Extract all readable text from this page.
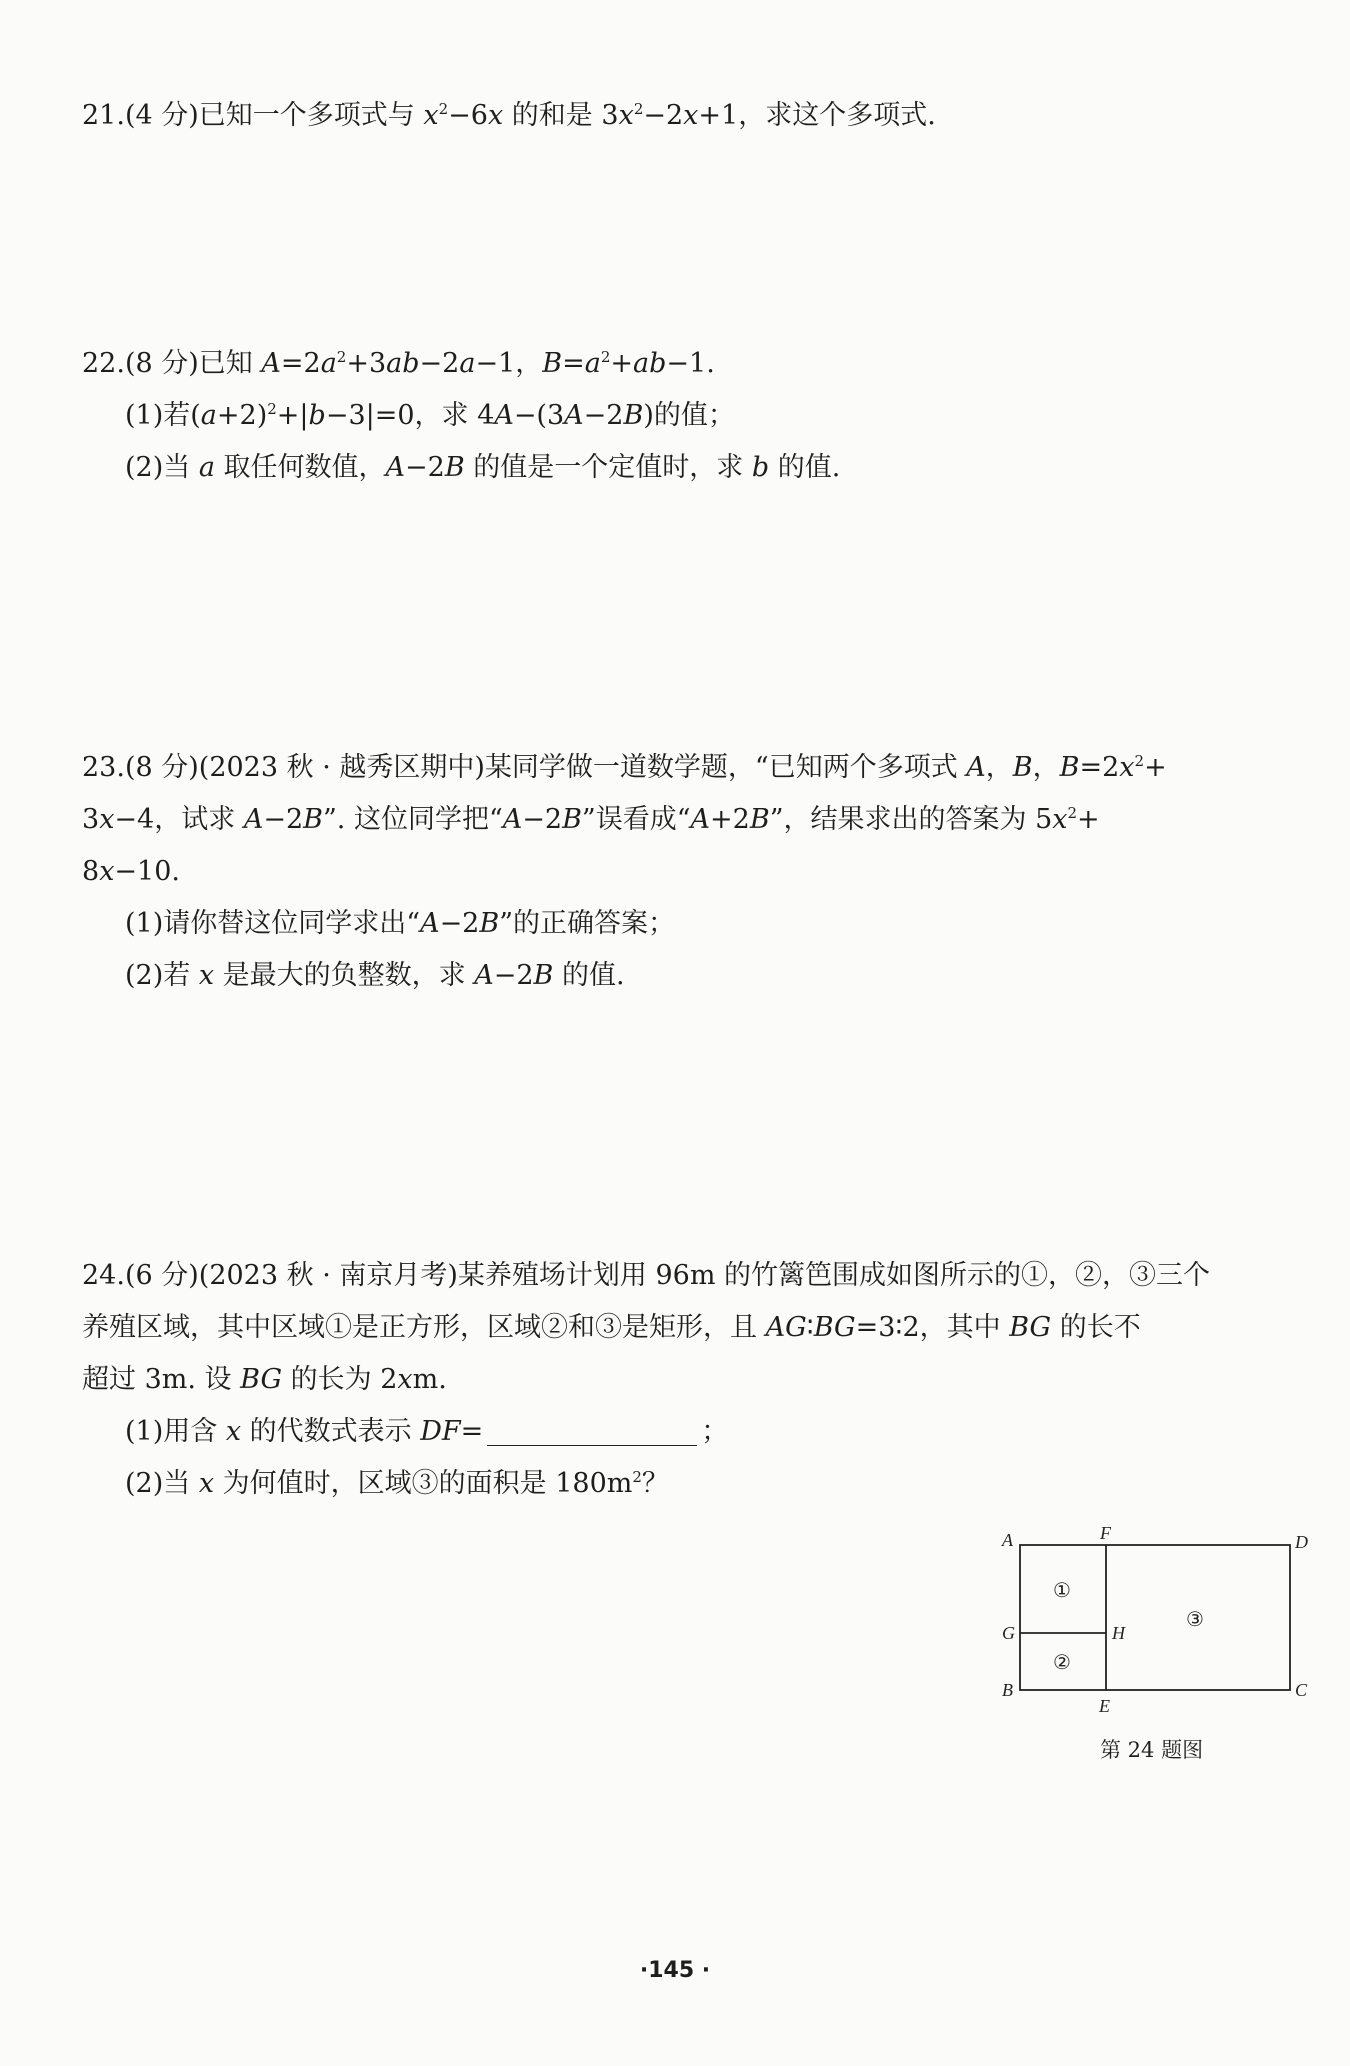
21.(4 分)已知一个多项式与 $x^2-6x$ 的和是 $3x^2-2x+1$，求这个多项式.
22.(8 分)已知 $A=2a^2+3ab-2a-1$，$B=a^2+ab-1$.
(1)若$(a+2)^2+|b-3|=0$，求 4A−(3A−2B)的值；
(2)当 a 取任何数值，A−2B 的值是一个定值时，求 b 的值.
23.(8 分)(2023 秋 · 越秀区期中)某同学做一道数学题，“已知两个多项式 A，B，$B=2x^2+$
3x−4，试求 A−2B”. 这位同学把“A−2B”误看成“A+2B”，结果求出的答案为 $5x^2+$
8x−10.
(1)请你替这位同学求出“A−2B”的正确答案；
(2)若 x 是最大的负整数，求 A−2B 的值.
24.(6 分)(2023 秋 · 南京月考)某养殖场计划用 96m 的竹篱笆围成如图所示的①，②，③三个
养殖区域，其中区域①是正方形，区域②和③是矩形，且 AG∶BG=3∶2，其中 BG 的长不
超过 3m. 设 BG 的长为 2xm.
(1)用含 x 的代数式表示 DF=	；
(2)当 x 为何值时，区域③的面积是 $180m^2$？
A	F	D
G	H
B
E
C
①
②
③
第 24 题图
·145 ·
